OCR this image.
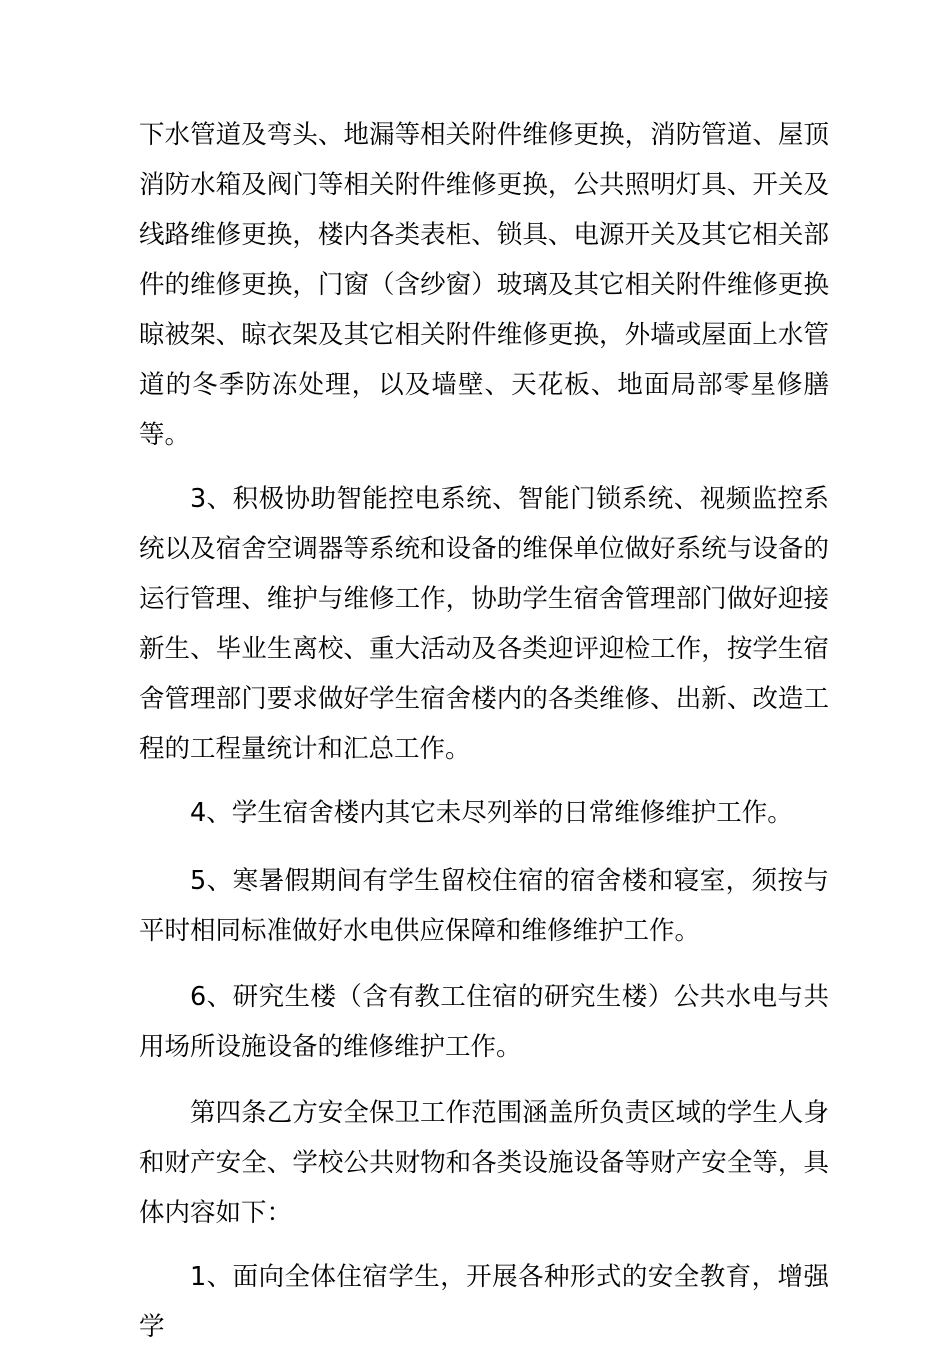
下水管道及弯头、地漏等相关附件维修更换，消防管道、屋顶消防水箱及阀门等相关附件维修更换，公共照明灯具、开关及线路维修更换，楼内各类表柜、锁具、电源开关及其它相关部件的维修更换，门窗（含纱窗）玻璃及其它相关附件维修更换晾被架、晾衣架及其它相关附件维修更换，外墙或屋面上水管道的冬季防冻处理，以及墙壁、天花板、地面局部零星修膳等。

3、积极协助智能控电系统、智能门锁系统、视频监控系统以及宿舍空调器等系统和设备的维保单位做好系统与设备的运行管理、维护与维修工作，协助学生宿舍管理部门做好迎接新生、毕业生离校、重大活动及各类迎评迎检工作，按学生宿舍管理部门要求做好学生宿舍楼内的各类维修、出新、改造工程的工程量统计和汇总工作。

4、学生宿舍楼内其它未尽列举的日常维修维护工作。

5、寒暑假期间有学生留校住宿的宿舍楼和寝室，须按与平时相同标准做好水电供应保障和维修维护工作。

6、研究生楼（含有教工住宿的研究生楼）公共水电与共用场所设施设备的维修维护工作。

第四条乙方安全保卫工作范围涵盖所负责区域的学生人身和财产安全、学校公共财物和各类设施设备等财产安全等，具体内容如下：

1、面向全体住宿学生，开展各种形式的安全教育，增强学
